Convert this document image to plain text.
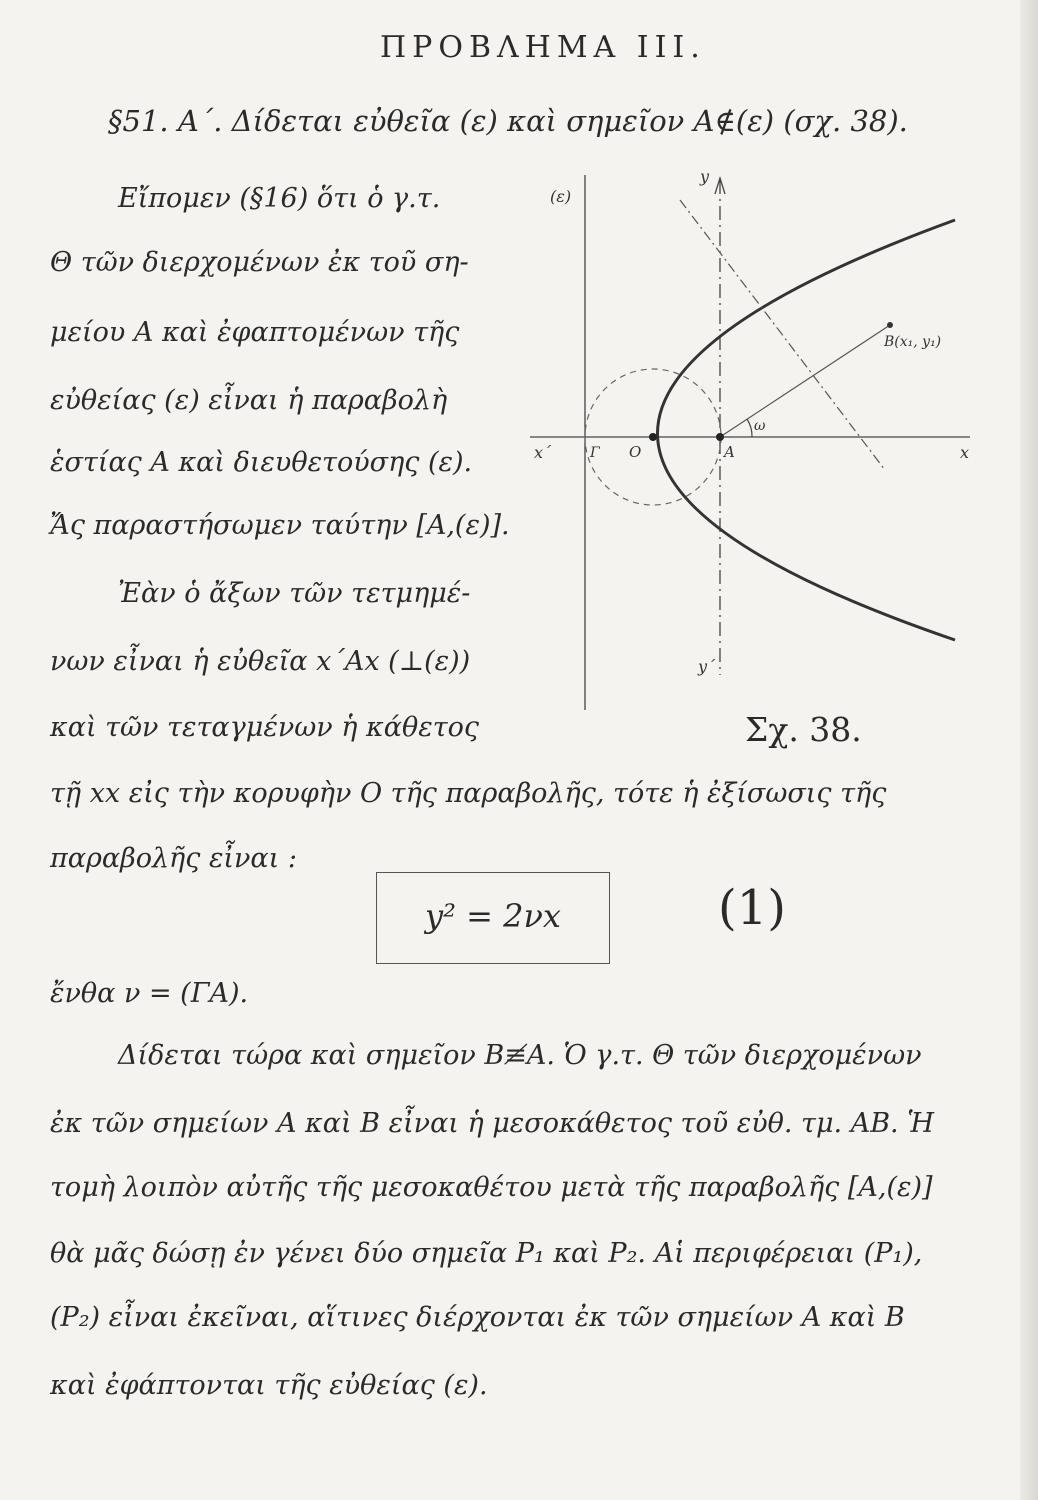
ΠΡΟΒΛΗΜΑ ΙΙΙ.
§51. Α΄. Δίδεται εὐθεῖα (ε) καὶ σημεῖον Α∉(ε) (σχ. 38).
Εἴπομεν (§16) ὅτι ὁ γ.τ.
Θ τῶν διερχομένων ἐκ τοῦ ση-
μείου Α καὶ ἐφαπτομένων τῆς
εὐθείας (ε) εἶναι ἡ παραβολὴ
ἑστίας Α καὶ διευθετούσης (ε).
Ἄς παραστήσωμεν ταύτην [Α,(ε)].
Ἐὰν ὁ ἄξων τῶν τετμημέ-
νων εἶναι ἡ εὐθεῖα x΄Ax (⊥(ε))
καὶ τῶν τεταγμένων ἡ κάθετος
τῇ xx εἰς τὴν κορυφὴν Ο τῆς παραβολῆς, τότε ἡ ἐξίσωσις τῆς
παραβολῆς εἶναι :
y² = 2νx	(1)
ἔνθα ν = (ΓΑ).
Δίδεται τώρα καὶ σημεῖον Β≢Α. Ὁ γ.τ. Θ τῶν διερχομένων
ἐκ τῶν σημείων Α καὶ Β εἶναι ἡ μεσοκάθετος τοῦ εὐθ. τμ. ΑΒ. Ἡ
τομὴ λοιπὸν αὐτῆς τῆς μεσοκαθέτου μετὰ τῆς παραβολῆς [Α,(ε)]
θὰ μᾶς δώσῃ ἐν γένει δύο σημεῖα P₁ καὶ P₂. Αἱ περιφέρειαι (P₁),
(P₂) εἶναι ἐκεῖναι, αἵτινες διέρχονται ἐκ τῶν σημείων Α καὶ Β
καὶ ἐφάπτονται τῆς εὐθείας (ε).
(ε)
y
y΄
x΄	x
Γ O	A
ω
B(x₁, y₁)
Σχ. 38.
